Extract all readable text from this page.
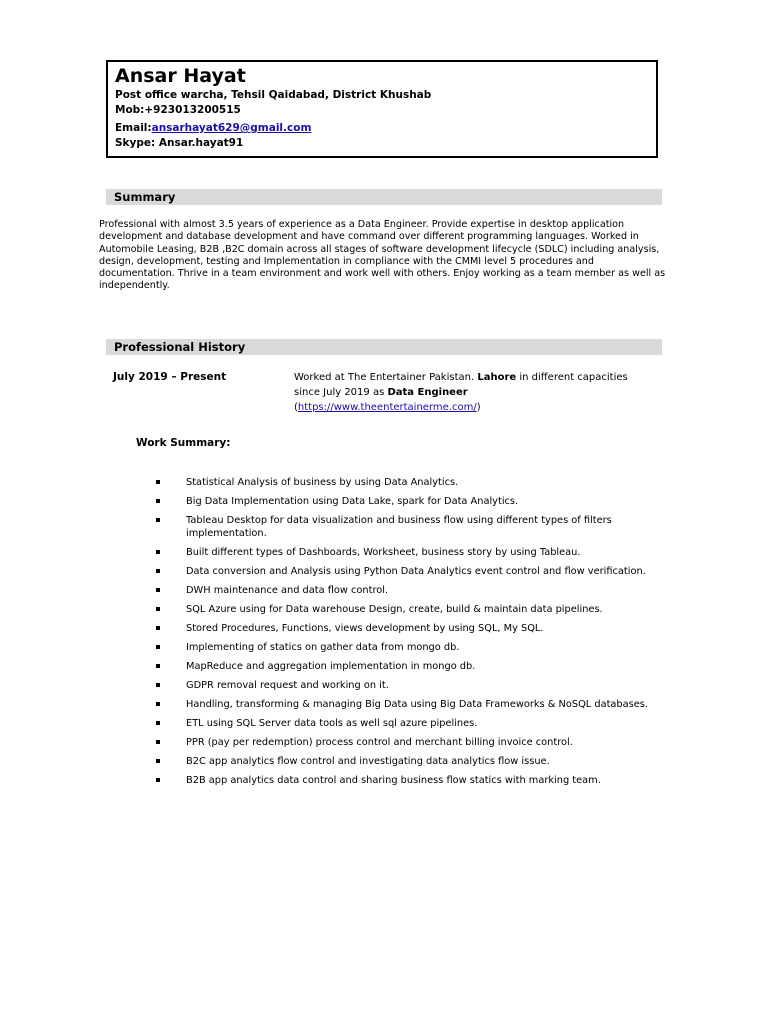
Ansar Hayat
Post office warcha, Tehsil Qaidabad, District Khushab
Mob:+923013200515
Email:ansarhayat629@gmail.com
Skype: Ansar.hayat91
Summary

Professional with almost 3.5 years of experience as a Data Engineer. Provide expertise in desktop application development and database development and have command over different programming languages. Worked in Automobile Leasing, B2B ,B2C domain across all stages of software development lifecycle (SDLC) including analysis, design, development, testing and Implementation in compliance with the CMMI level 5 procedures and documentation. Thrive in a team environment and work well with others. Enjoy working as a team member as well as independently.

Professional History
July 2019 – Present	Worked at The Entertainer Pakistan. Lahore in different capacities since July 2019 as Data Engineer
(https://www.theentertainerme.com/)
Work Summary:
Statistical Analysis of business by using Data Analytics.
Big Data Implementation using Data Lake, spark for Data Analytics.
Tableau Desktop for data visualization and business flow using different types of filters implementation.
Built different types of Dashboards, Worksheet, business story by using Tableau.
Data conversion and Analysis using Python Data Analytics event control and flow verification.
DWH maintenance and data flow control.
SQL Azure using for Data warehouse Design, create, build & maintain data pipelines.
Stored Procedures, Functions, views development by using SQL, My SQL.
Implementing of statics on gather data from mongo db.
MapReduce and aggregation implementation in mongo db.
GDPR removal request and working on it.
Handling, transforming & managing Big Data using Big Data Frameworks & NoSQL databases.
ETL using SQL Server data tools as well sql azure pipelines.
PPR (pay per redemption) process control and merchant billing invoice control.
B2C app analytics flow control and investigating data analytics flow issue.
B2B app analytics data control and sharing business flow statics with marking team.
